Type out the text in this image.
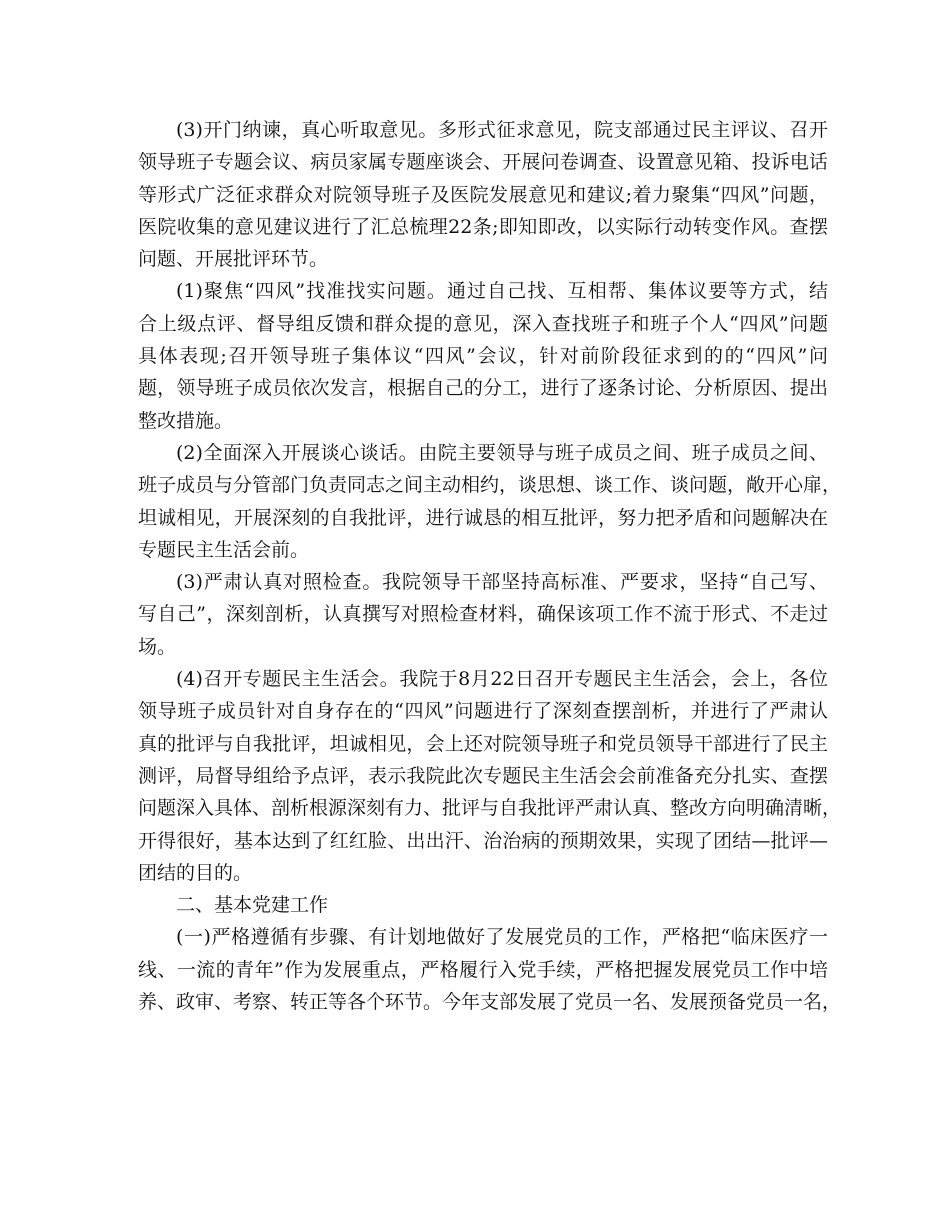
(3)开门纳谏，真心听取意见。多形式征求意见，院支部通过民主评议、召开
领导班子专题会议、病员家属专题座谈会、开展问卷调查、设置意见箱、投诉电话
等形式广泛征求群众对院领导班子及医院发展意见和建议;着力聚集“四风”问题，
医院收集的意见建议进行了汇总梳理22条;即知即改，以实际行动转变作风。查摆
问题、开展批评环节。
(1)聚焦“四风”找准找实问题。通过自己找、互相帮、集体议要等方式，结
合上级点评、督导组反馈和群众提的意见，深入查找班子和班子个人“四风”问题
具体表现;召开领导班子集体议“四风”会议，针对前阶段征求到的的“四风”问
题，领导班子成员依次发言，根据自己的分工，进行了逐条讨论、分析原因、提出
整改措施。
(2)全面深入开展谈心谈话。由院主要领导与班子成员之间、班子成员之间、
班子成员与分管部门负责同志之间主动相约，谈思想、谈工作、谈问题，敞开心扉，
坦诚相见，开展深刻的自我批评，进行诚恳的相互批评，努力把矛盾和问题解决在
专题民主生活会前。
(3)严肃认真对照检查。我院领导干部坚持高标准、严要求，坚持“自己写、
写自己”，深刻剖析，认真撰写对照检查材料，确保该项工作不流于形式、不走过
场。
(4)召开专题民主生活会。我院于8月22日召开专题民主生活会，会上，各位
领导班子成员针对自身存在的“四风”问题进行了深刻查摆剖析，并进行了严肃认
真的批评与自我批评，坦诚相见，会上还对院领导班子和党员领导干部进行了民主
测评，局督导组给予点评，表示我院此次专题民主生活会会前准备充分扎实、查摆
问题深入具体、剖析根源深刻有力、批评与自我批评严肃认真、整改方向明确清晰，
开得很好，基本达到了红红脸、出出汗、治治病的预期效果，实现了团结—批评—
团结的目的。
二、基本党建工作
(一)严格遵循有步骤、有计划地做好了发展党员的工作，严格把“临床医疗一
线、一流的青年”作为发展重点，严格履行入党手续，严格把握发展党员工作中培
养、政审、考察、转正等各个环节。今年支部发展了党员一名、发展预备党员一名，
